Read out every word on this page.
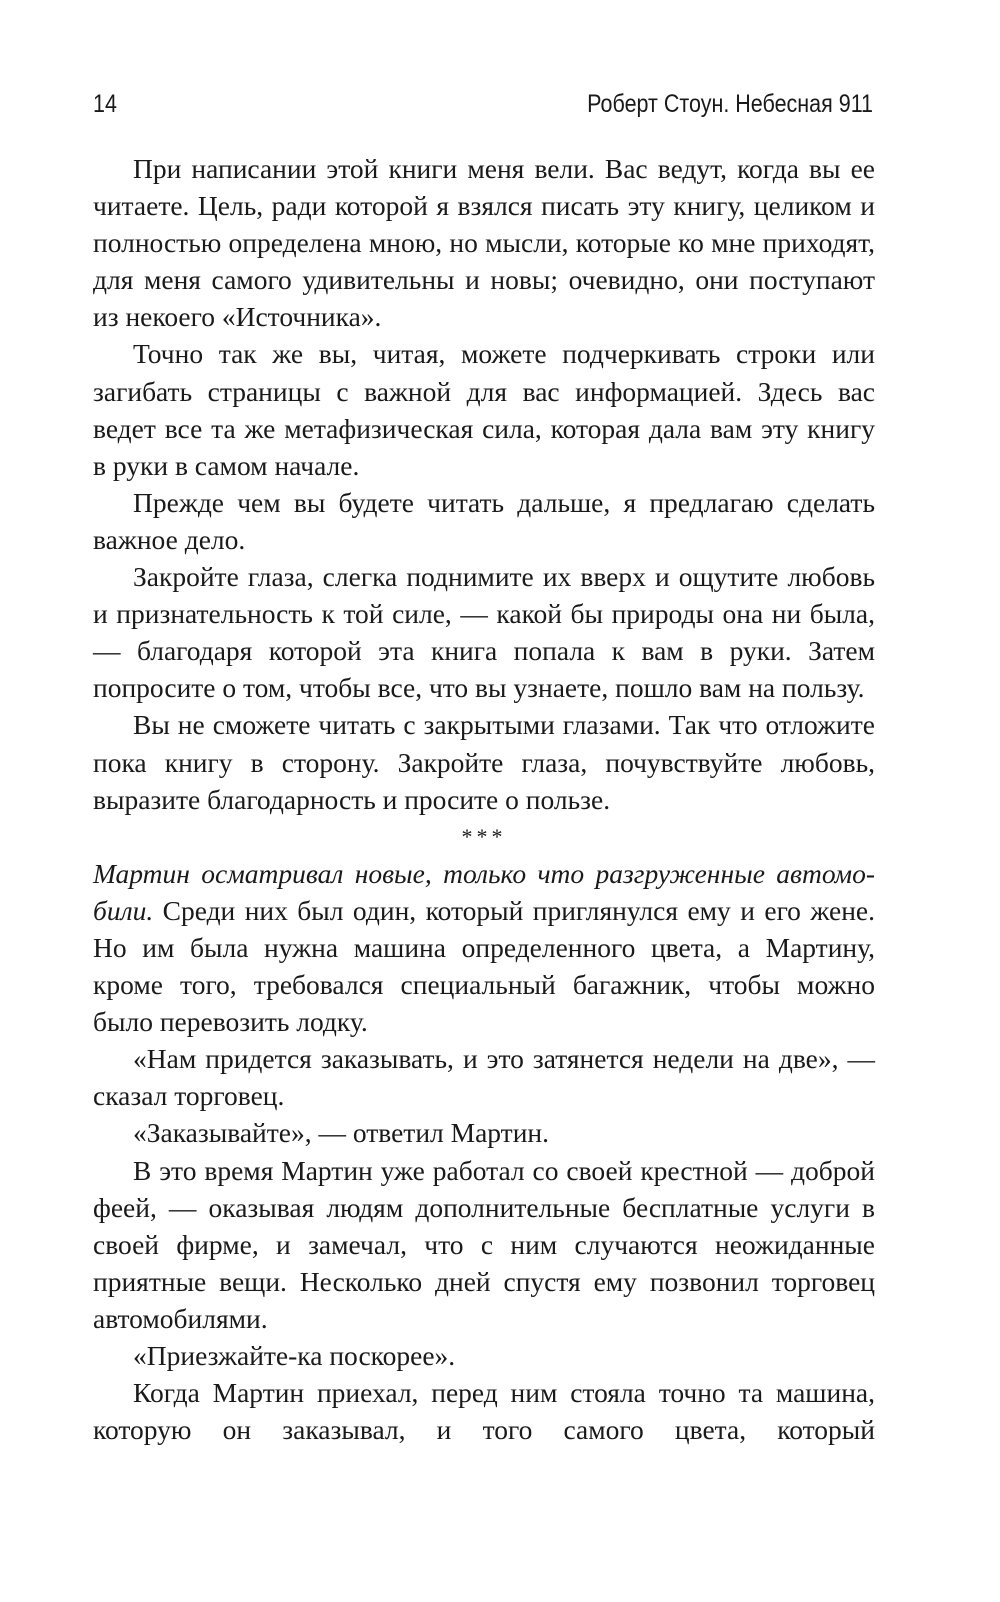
14	Роберт Стоун. Небесная 911

При написании этой книги меня вели. Вас ведут, когда вы ее читаете. Цель, ради которой я взялся писать эту книгу, целиком и полностью определена мною, но мысли, которые ко мне приходят, для меня самого удивительны и новы; очевидно, они поступают из некоего «Источника».

Точно так же вы, читая, можете подчеркивать строки или загибать страницы с важной для вас информацией. Здесь вас ведет все та же метафизическая сила, которая дала вам эту книгу в руки в самом начале.

Прежде чем вы будете читать дальше, я предлагаю сделать важное дело.

Закройте глаза, слегка поднимите их вверх и ощутите любовь и признательность к той силе, — какой бы природы она ни была, — благодаря которой эта книга попала к вам в руки. Затем попросите о том, чтобы все, что вы узнаете, пошло вам на пользу.

Вы не сможете читать с закрытыми глазами. Так что отложите пока книгу в сторону. Закройте глаза, почувствуйте любовь, выразите благодарность и просите о пользе.

***

Мартин осматривал новые, только что разгруженные автомобили. Среди них был один, который приглянулся ему и его жене. Но им была нужна машина определенного цвета, а Мартину, кроме того, требовался специальный багажник, чтобы можно было перевозить лодку.

«Нам придется заказывать, и это затянется недели на две», — сказал торговец.

«Заказывайте», — ответил Мартин.

В это время Мартин уже работал со своей крестной — доброй феей, — оказывая людям дополнительные бесплатные услуги в своей фирме, и замечал, что с ним случаются неожиданные приятные вещи. Несколько дней спустя ему позвонил торговец автомобилями.

«Приезжайте-ка поскорее».

Когда Мартин приехал, перед ним стояла точно та машина, которую он заказывал, и того самого цвета, который
